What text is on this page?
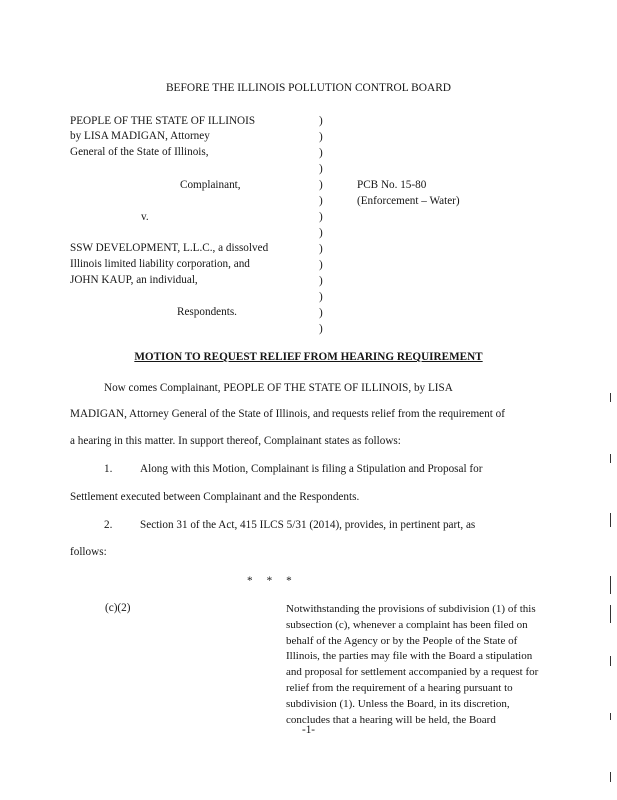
BEFORE THE ILLINOIS POLLUTION CONTROL BOARD
PEOPLE OF THE STATE OF ILLINOIS
by LISA MADIGAN, Attorney
General of the State of Illinois,
Complainant,
v.
SSW DEVELOPMENT, L.L.C., a dissolved
Illinois limited liability corporation, and
JOHN KAUP, an individual,
Respondents.
)
)
)
)
)
)
)
)
)
)
)
)
)
)
PCB No. 15-80
(Enforcement – Water)
MOTION TO REQUEST RELIEF FROM HEARING REQUIREMENT
Now comes Complainant, PEOPLE OF THE STATE OF ILLINOIS, by LISA
MADIGAN, Attorney General of the State of Illinois, and requests relief from the requirement of
a hearing in this matter. In support thereof, Complainant states as follows:
1. Along with this Motion, Complainant is filing a Stipulation and Proposal for
Settlement executed between Complainant and the Respondents.
2. Section 31 of the Act, 415 ILCS 5/31 (2014), provides, in pertinent part, as
follows:
*     *     *
(c)(2)	Notwithstanding the provisions of subdivision (1) of this subsection (c), whenever a complaint has been filed on behalf of the Agency or by the People of the State of Illinois, the parties may file with the Board a stipulation and proposal for settlement accompanied by a request for relief from the requirement of a hearing pursuant to subdivision (1). Unless the Board, in its discretion, concludes that a hearing will be held, the Board
-1-
